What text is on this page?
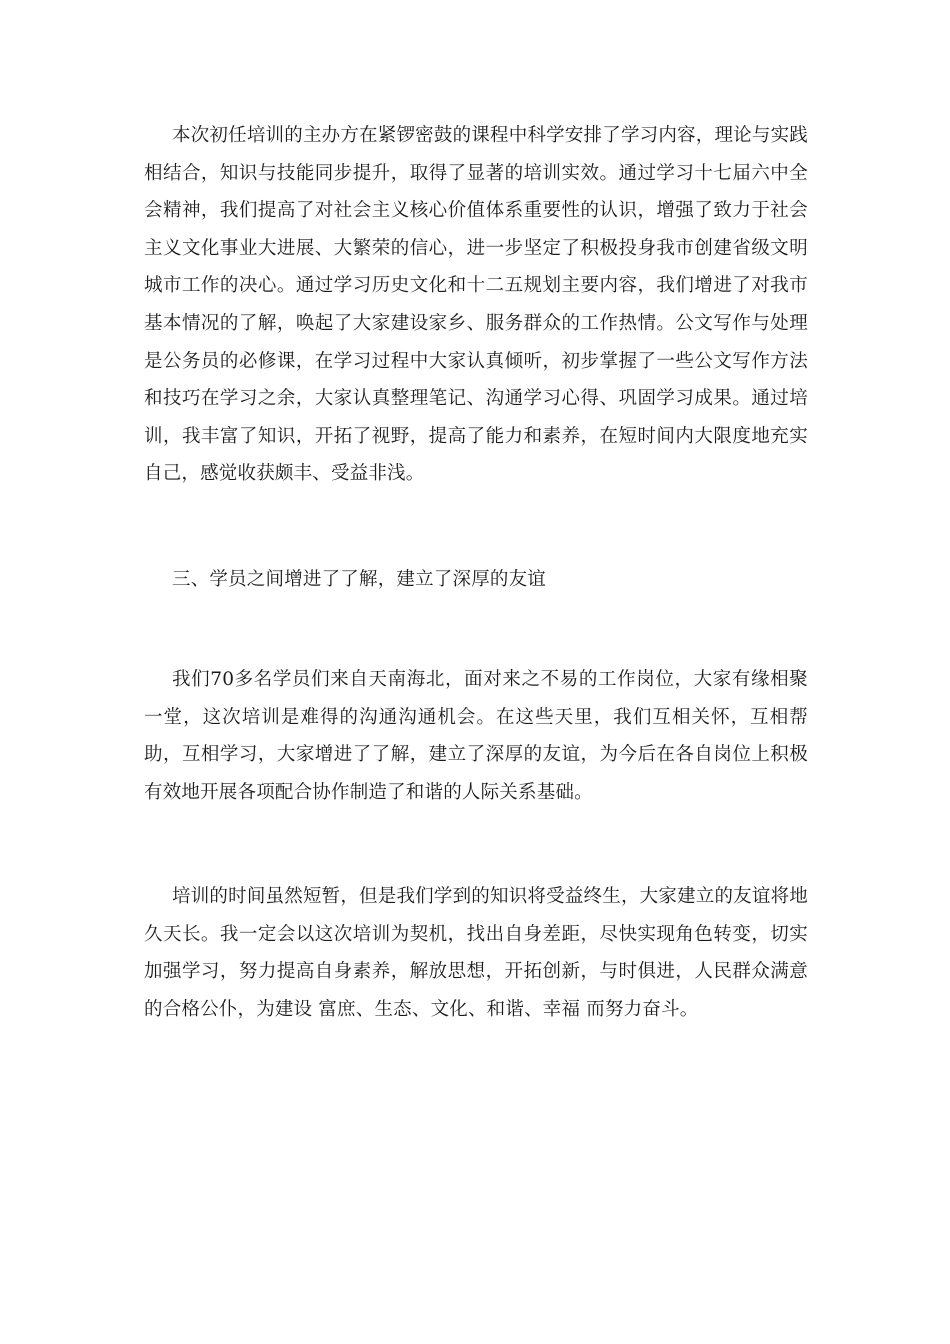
本次初任培训的主办方在紧锣密鼓的课程中科学安排了学习内容，理论与实践相结合，知识与技能同步提升，取得了显著的培训实效。通过学习十七届六中全会精神，我们提高了对社会主义核心价值体系重要性的认识，增强了致力于社会主义文化事业大进展、大繁荣的信心，进一步坚定了积极投身我市创建省级文明城市工作的决心。通过学习历史文化和十二五规划主要内容，我们增进了对我市基本情况的了解，唤起了大家建设家乡、服务群众的工作热情。公文写作与处理是公务员的必修课，在学习过程中大家认真倾听，初步掌握了一些公文写作方法和技巧在学习之余，大家认真整理笔记、沟通学习心得、巩固学习成果。通过培训，我丰富了知识，开拓了视野，提高了能力和素养，在短时间内大限度地充实自己，感觉收获颇丰、受益非浅。

三、学员之间增进了了解，建立了深厚的友谊

我们70多名学员们来自天南海北，面对来之不易的工作岗位，大家有缘相聚一堂，这次培训是难得的沟通沟通机会。在这些天里，我们互相关怀，互相帮助，互相学习，大家增进了了解，建立了深厚的友谊，为今后在各自岗位上积极有效地开展各项配合协作制造了和谐的人际关系基础。

培训的时间虽然短暂，但是我们学到的知识将受益终生，大家建立的友谊将地久天长。我一定会以这次培训为契机，找出自身差距，尽快实现角色转变，切实加强学习，努力提高自身素养，解放思想，开拓创新，与时俱进，人民群众满意的合格公仆，为建设 富庶、生态、文化、和谐、幸福 而努力奋斗。
